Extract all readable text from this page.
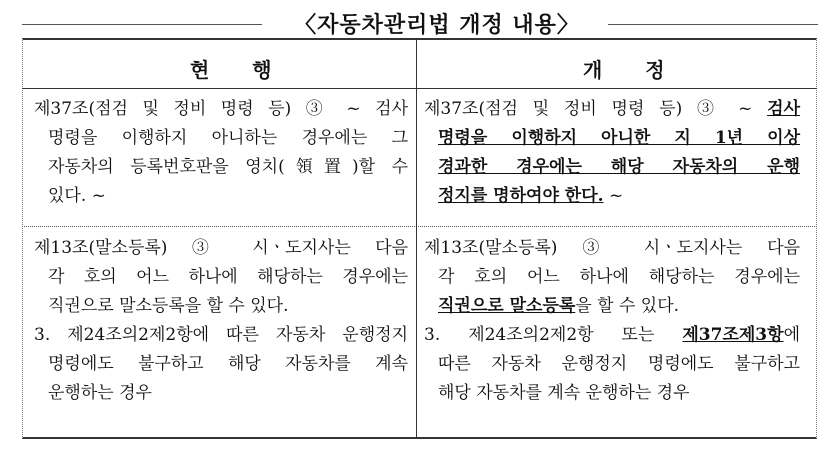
〈자동차관리법 개정 내용〉
현 행	개 정
제37조(점검 및 정비 명령 등) ③ ~ 검사
명령을 이행하지 아니하는 경우에는 그
자동차의 등록번호판을 영치(領置)할 수
있다. ~
제37조(점검 및 정비 명령 등) ③ ~ 검사
명령을 이행하지 아니한 지 1년 이상
경과한 경우에는 해당 자동차의 운행
정지를 명하여야 한다. ~
제13조(말소등록) ③ 시ㆍ도지사는 다음
각 호의 어느 하나에 해당하는 경우에는
직권으로 말소등록을 할 수 있다.
3. 제24조의2제2항에 따른 자동차 운행정지
명령에도 불구하고 해당 자동차를 계속
운행하는 경우
제13조(말소등록) ③ 시ㆍ도지사는 다음
각 호의 어느 하나에 해당하는 경우에는
직권으로 말소등록을 할 수 있다.
3. 제24조의2제2항 또는 제37조제3항에
따른 자동차 운행정지 명령에도 불구하고
해당 자동차를 계속 운행하는 경우
